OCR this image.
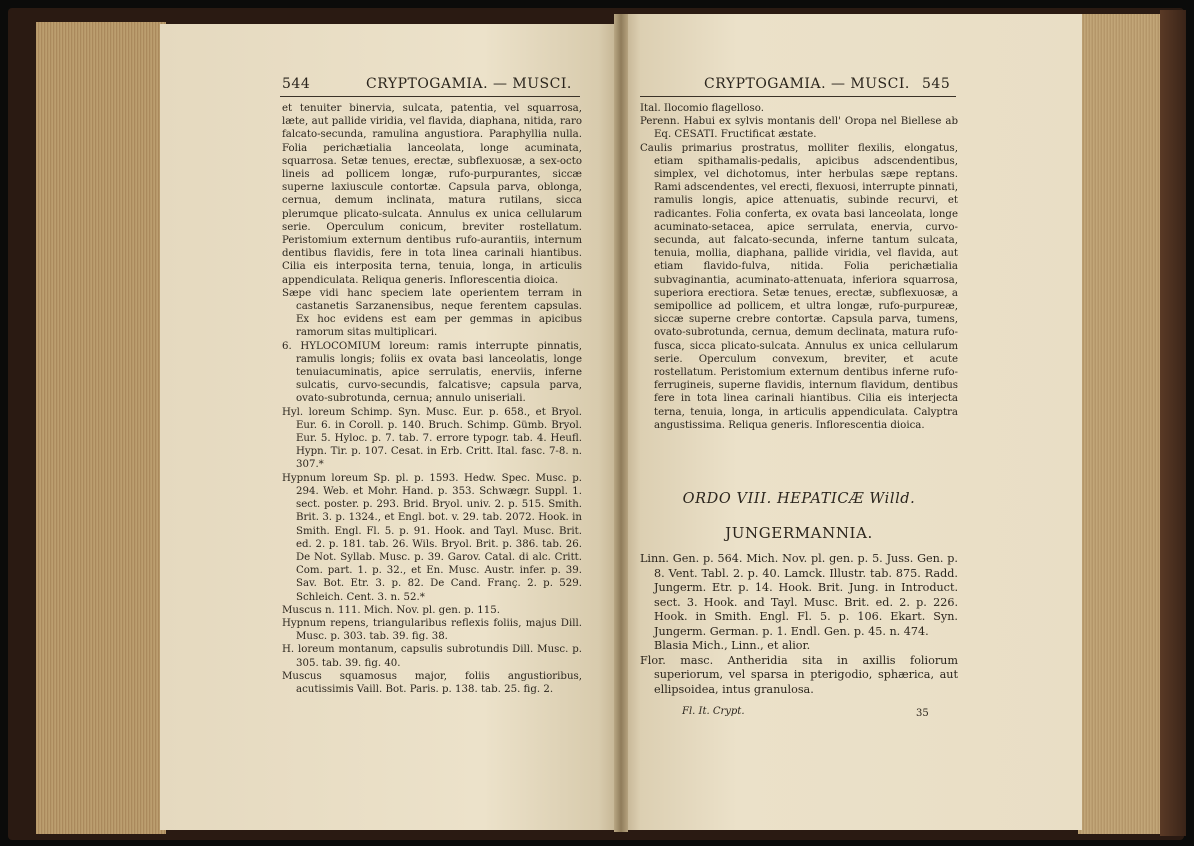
544	CRYPTOGAMIA. — MUSCI.

et tenuiter binervia, sulcata, patentia, vel squarrosa, læte, aut pallide viridia, vel flavida, diaphana, nitida, raro falcato-secunda, ramulina angustiora. Paraphyllia nulla. Folia perichætialia lanceolata, longe acuminata, squarrosa. Setæ tenues, erectæ, subflexuosæ, a sex-octo lineis ad pollicem longæ, rufo-purpurantes, siccæ superne laxiuscule contortæ. Capsula parva, oblonga, cernua, demum inclinata, matura rutilans, sicca plerumque plicato-sulcata. Annulus ex unica cellularum serie. Operculum conicum, breviter rostellatum. Peristomium externum dentibus rufo-aurantiis, internum dentibus flavidis, fere in tota linea carinali hiantibus. Cilia eis interposita terna, tenuia, longa, in articulis appendiculata. Reliqua generis. Inflorescentia dioica.

Sæpe vidi hanc speciem late operientem terram in castanetis Sarzanensibus, neque ferentem capsulas. Ex hoc evidens est eam per gemmas in apicibus ramorum sitas multiplicari.

6. HYLOCOMIUM loreum: ramis interrupte pinnatis, ramulis longis; foliis ex ovata basi lanceolatis, longe tenuiacuminatis, apice serrulatis, enerviis, inferne sulcatis, curvo-secundis, falcatisve; capsula parva, ovato-subrotunda, cernua; annulo uniseriali.

Hyl. loreum Schimp. Syn. Musc. Eur. p. 658., et Bryol. Eur. 6. in Coroll. p. 140. Bruch. Schimp. Gümb. Bryol. Eur. 5. Hyloc. p. 7. tab. 7. errore typogr. tab. 4. Heufl. Hypn. Tir. p. 107. Cesat. in Erb. Critt. Ital. fasc. 7-8. n. 307.*

Hypnum loreum Sp. pl. p. 1593. Hedw. Spec. Musc. p. 294. Web. et Mohr. Hand. p. 353. Schwægr. Suppl. 1. sect. poster. p. 293. Brid. Bryol. univ. 2. p. 515. Smith. Brit. 3. p. 1324., et Engl. bot. v. 29. tab. 2072. Hook. in Smith. Engl. Fl. 5. p. 91. Hook. and Tayl. Musc. Brit. ed. 2. p. 181. tab. 26. Wils. Bryol. Brit. p. 386. tab. 26. De Not. Syllab. Musc. p. 39. Garov. Catal. di alc. Critt. Com. part. 1. p. 32., et En. Musc. Austr. infer. p. 39. Sav. Bot. Etr. 3. p. 82. De Cand. Franç. 2. p. 529. Schleich. Cent. 3. n. 52.*

Muscus n. 111. Mich. Nov. pl. gen. p. 115.

Hypnum repens, triangularibus reflexis foliis, majus Dill. Musc. p. 303. tab. 39. fig. 38.

H. loreum montanum, capsulis subrotundis Dill. Musc. p. 305. tab. 39. fig. 40.

Muscus squamosus major, foliis angustioribus, acutissimis Vaill. Bot. Paris. p. 138. tab. 25. fig. 2.

CRYPTOGAMIA. — MUSCI. 545

Ital. Ilocomio flagelloso.

Perenn. Habui ex sylvis montanis dell' Oropa nel Biellese ab Eq. CESATI. Fructificat æstate.

Caulis primarius prostratus, molliter flexilis, elongatus, etiam spithamalis-pedalis, apicibus adscendentibus, simplex, vel dichotomus, inter herbulas sæpe reptans. Rami adscendentes, vel erecti, flexuosi, interrupte pinnati, ramulis longis, apice attenuatis, subinde recurvi, et radicantes. Folia conferta, ex ovata basi lanceolata, longe acuminato-setacea, apice serrulata, enervia, curvo-secunda, aut falcato-secunda, inferne tantum sulcata, tenuia, mollia, diaphana, pallide viridia, vel flavida, aut etiam flavido-fulva, nitida. Folia perichætialia subvaginantia, acuminato-attenuata, inferiora squarrosa, superiora erectiora. Setæ tenues, erectæ, subflexuosæ, a semipollice ad pollicem, et ultra longæ, rufo-purpureæ, siccæ superne crebre contortæ. Capsula parva, tumens, ovato-subrotunda, cernua, demum declinata, matura rufo-fusca, sicca plicato-sulcata. Annulus ex unica cellularum serie. Operculum convexum, breviter, et acute rostellatum. Peristomium externum dentibus inferne rufo-ferrugineis, superne flavidis, internum flavidum, dentibus fere in tota linea carinali hiantibus. Cilia eis interjecta terna, tenuia, longa, in articulis appendiculata. Calyptra angustissima. Reliqua generis. Inflorescentia dioica.

ORDO VIII. HEPATICÆ Willd.
JUNGERMANNIA.

Linn. Gen. p. 564. Mich. Nov. pl. gen. p. 5. Juss. Gen. p. 8. Vent. Tabl. 2. p. 40. Lamck. Illustr. tab. 875. Radd. Jungerm. Etr. p. 14. Hook. Brit. Jung. in Introduct. sect. 3. Hook. and Tayl. Musc. Brit. ed. 2. p. 226. Hook. in Smith. Engl. Fl. 5. p. 106. Ekart. Syn. Jungerm. German. p. 1. Endl. Gen. p. 45. n. 474.

Blasia Mich., Linn., et alior.

Flor. masc. Antheridia sita in axillis foliorum superiorum, vel sparsa in pterigodio, sphærica, aut ellipsoidea, intus granulosa.

Fl. It. Crypt.	35
